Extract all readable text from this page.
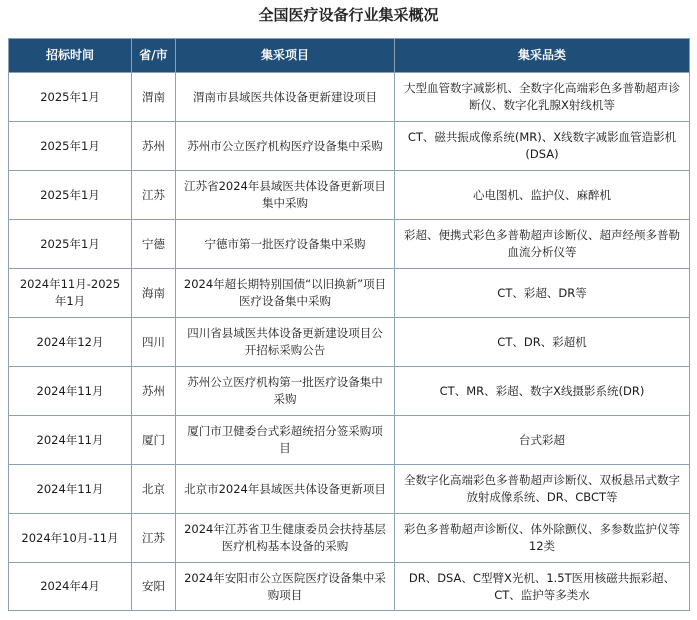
全国医疗设备行业集采概况
招标时间	省/市	集采项目	集采品类
2025年1月	渭南	渭南市县域医共体设备更新建设项目	大型血管数字减影机、全数字化高端彩色多普勒超声诊断仪、数字化乳腺X射线机等
2025年1月	苏州	苏州市公立医疗机构医疗设备集中采购	CT、磁共振成像系统(MR)、X线数字减影血管造影机(DSA)
2025年1月	江苏	江苏省2024年县域医共体设备更新项目集中采购	心电图机、监护仪、麻醉机
2025年1月	宁德	宁德市第一批医疗设备集中采购	彩超、便携式彩色多普勒超声诊断仪、超声经颅多普勒血流分析仪等
2024年11月-2025年1月	海南	2024年超长期特别国债“以旧换新”项目医疗设备集中采购	CT、彩超、DR等
2024年12月	四川	四川省县域医共体设备更新建设项目公开招标采购公告	CT、DR、彩超机
2024年11月	苏州	苏州公立医疗机构第一批医疗设备集中采购	CT、MR、彩超、数字X线摄影系统(DR)
2024年11月	厦门	厦门市卫健委台式彩超统招分签采购项目	台式彩超
2024年11月	北京	北京市2024年县域医共体设备更新项目	全数字化高端彩色多普勒超声诊断仪、双板悬吊式数字放射成像系统、DR、CBCT等
2024年10月-11月	江苏	2024年江苏省卫生健康委员会扶持基层医疗机构基本设备的采购	彩色多普勒超声诊断仪、体外除颤仪、多参数监护仪等12类
2024年4月	安阳	2024年安阳市公立医院医疗设备集中采购项目	DR、DSA、C型臂X光机、1.5T医用核磁共振彩超、CT、监护等多类水
